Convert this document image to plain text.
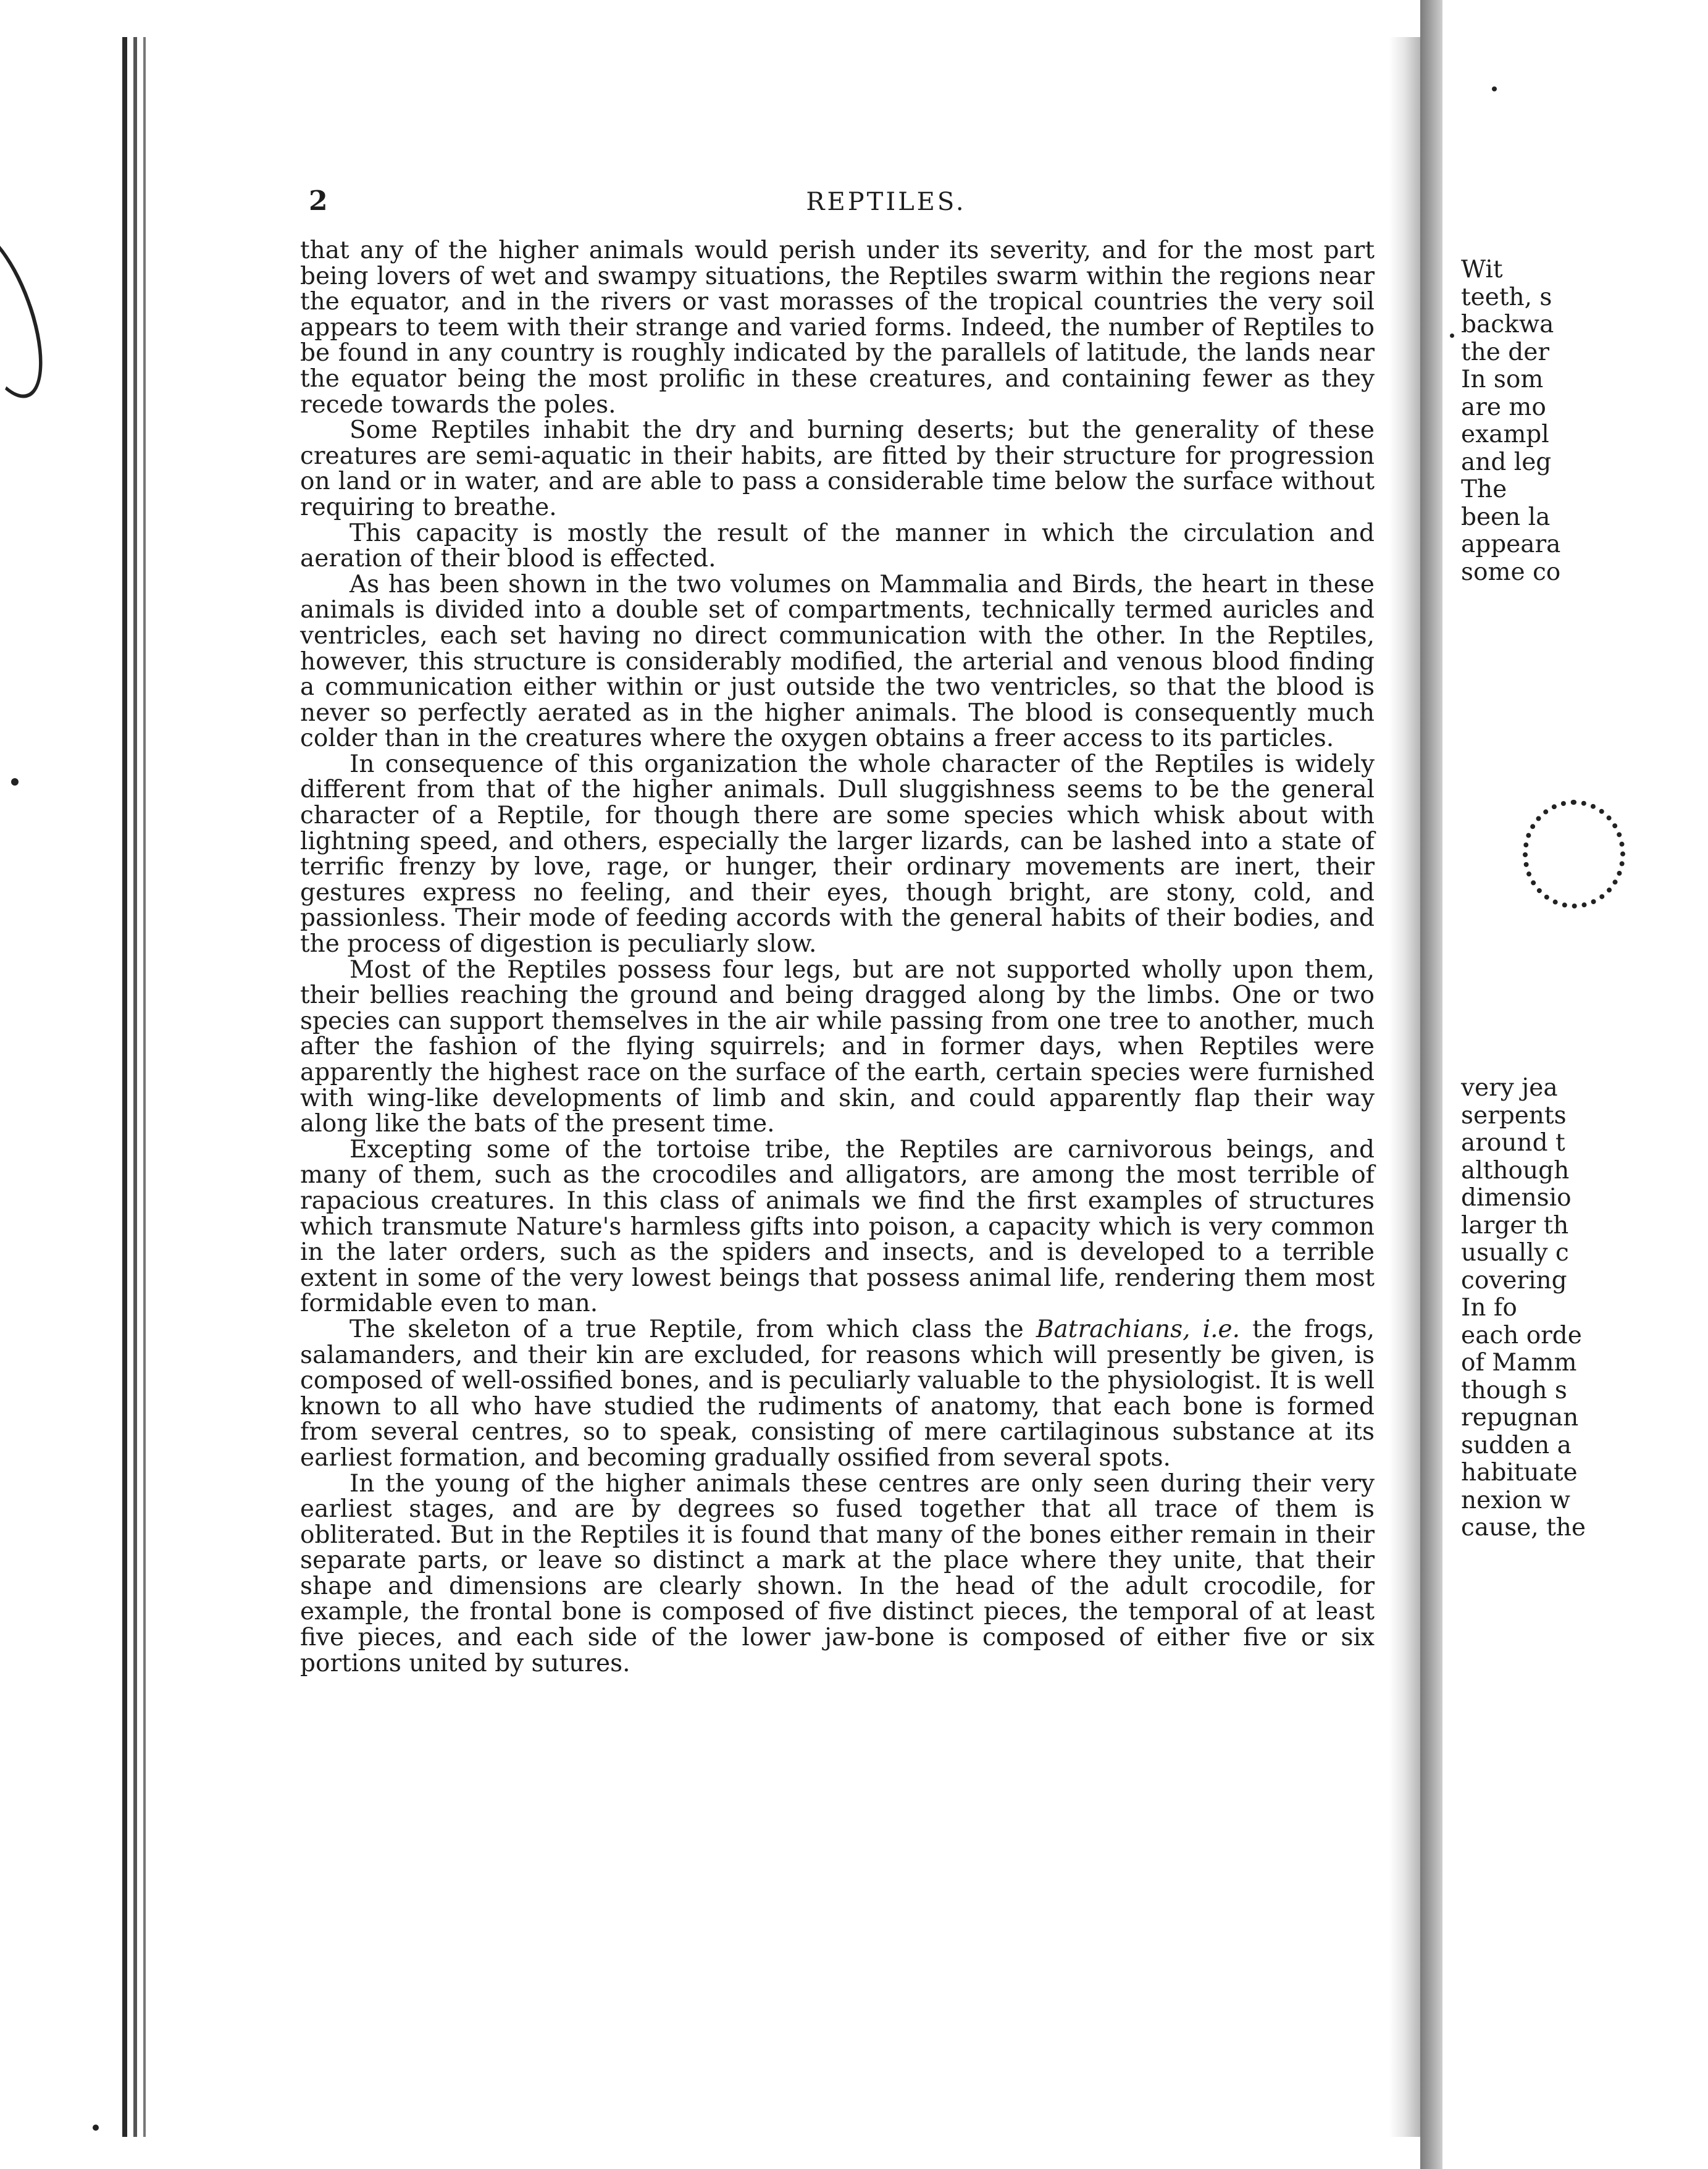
2	REPTILES.

that any of the higher animals would perish under its severity, and for the most part being lovers of wet and swampy situations, the Reptiles swarm within the regions near the equator, and in the rivers or vast morasses of the tropical countries the very soil appears to teem with their strange and varied forms. Indeed, the number of Reptiles to be found in any country is roughly indicated by the parallels of latitude, the lands near the equator being the most prolific in these creatures, and containing fewer as they recede towards the poles.

Some Reptiles inhabit the dry and burning deserts; but the generality of these creatures are semi-aquatic in their habits, are fitted by their structure for progression on land or in water, and are able to pass a considerable time below the surface without requiring to breathe.

This capacity is mostly the result of the manner in which the circulation and aeration of their blood is effected.

As has been shown in the two volumes on Mammalia and Birds, the heart in these animals is divided into a double set of compartments, technically termed auricles and ventricles, each set having no direct communication with the other. In the Reptiles, however, this structure is considerably modified, the arterial and venous blood finding a communication either within or just outside the two ventricles, so that the blood is never so perfectly aerated as in the higher animals. The blood is consequently much colder than in the creatures where the oxygen obtains a freer access to its particles.

In consequence of this organization the whole character of the Reptiles is widely different from that of the higher animals. Dull sluggishness seems to be the general character of a Reptile, for though there are some species which whisk about with lightning speed, and others, especially the larger lizards, can be lashed into a state of terrific frenzy by love, rage, or hunger, their ordinary movements are inert, their gestures express no feeling, and their eyes, though bright, are stony, cold, and passionless. Their mode of feeding accords with the general habits of their bodies, and the process of digestion is peculiarly slow.

Most of the Reptiles possess four legs, but are not supported wholly upon them, their bellies reaching the ground and being dragged along by the limbs. One or two species can support themselves in the air while passing from one tree to another, much after the fashion of the flying squirrels; and in former days, when Reptiles were apparently the highest race on the surface of the earth, certain species were furnished with wing-like developments of limb and skin, and could apparently flap their way along like the bats of the present time.

Excepting some of the tortoise tribe, the Reptiles are carnivorous beings, and many of them, such as the crocodiles and alligators, are among the most terrible of rapacious creatures. In this class of animals we find the first examples of structures which transmute Nature's harmless gifts into poison, a capacity which is very common in the later orders, such as the spiders and insects, and is developed to a terrible extent in some of the very lowest beings that possess animal life, rendering them most formidable even to man.

The skeleton of a true Reptile, from which class the Batrachians, i.e. the frogs, salamanders, and their kin are excluded, for reasons which will presently be given, is composed of well-ossified bones, and is peculiarly valuable to the physiologist. It is well known to all who have studied the rudiments of anatomy, that each bone is formed from several centres, so to speak, consisting of mere cartilaginous substance at its earliest formation, and becoming gradually ossified from several spots.

In the young of the higher animals these centres are only seen during their very earliest stages, and are by degrees so fused together that all trace of them is obliterated. But in the Reptiles it is found that many of the bones either remain in their separate parts, or leave so distinct a mark at the place where they unite, that their shape and dimensions are clearly shown. In the head of the adult crocodile, for example, the frontal bone is composed of five distinct pieces, the temporal of at least five pieces, and each side of the lower jaw-bone is composed of either five or six portions united by sutures.

Wit
teeth, s
backwa
the der
In som
are mo
exampl
and leg
The
been la
appeara
some co
very jea
serpents
around t
although
dimensio
larger th
usually c
covering
In fo
each orde
of Mamm
though s
repugnan
sudden a
habituate
nexion w
cause, the
